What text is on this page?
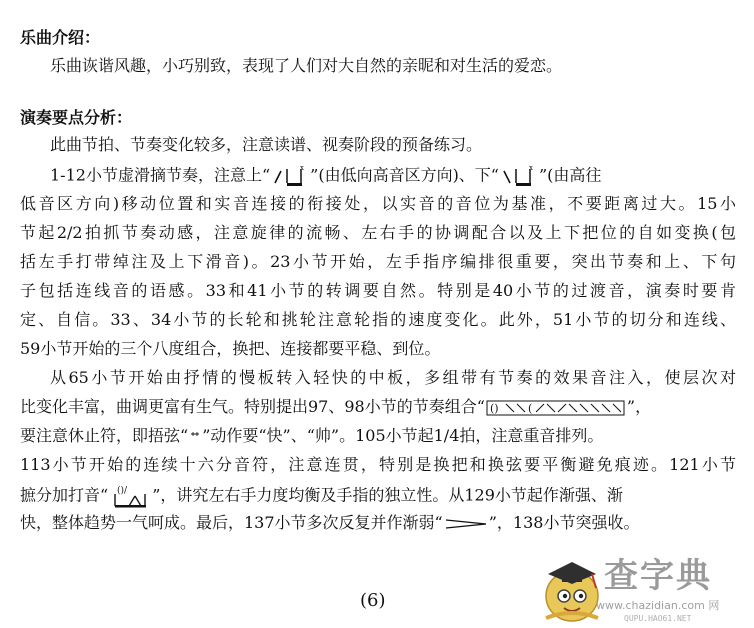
乐曲介绍：
乐曲诙谐风趣，小巧别致，表现了人们对大自然的亲昵和对生活的爱恋。
演奏要点分析：
此曲节拍、节奏变化较多，注意读谱、视奏阶段的预备练习。
1-12小节虚滑摘节奏，注意上“	x ”(由低向高音区方向)、下“	x ”(由高往
低音区方向)移动位置和实音连接的衔接处，以实音的音位为基准，不要距离过大。15小
节起2/2拍抓节奏动感，注意旋律的流畅、左右手的协调配合以及上下把位的自如变换(包
括左手打带绰注及上下滑音)。23小节开始，左手指序编排很重要，突出节奏和上、下句
子包括连线音的语感。33和41小节的转调要自然。特别是40小节的过渡音，演奏时要肯
定、自信。33、34小节的长轮和挑轮注意轮指的速度变化。此外，51小节的切分和连线、
59小节开始的三个八度组合，换把、连接都要平稳、到位。
从65小节开始由抒情的慢板转入轻快的中板，多组带有节奏的效果音注入，使层次对
比变化丰富，曲调更富有生气。特别提出97、98小节的节奏组合“ ()	(	”，
要注意休止符，即捂弦“ ”动作要“快”、“帅”。105小节起1/4拍，注意重音排列。
113小节开始的连续十六分音符，注意连贯，特别是换把和换弦要平衡避免痕迹。121小节
摭分加打音“ ()/ ”，讲究左右手力度均衡及手指的独立性。从129小节起作渐强、渐
快，整体趋势一气呵成。最后，137小节多次反复并作渐弱“	”，138小节突强收。
(6)
查字典
www.chazidian.com 网
QUPU.HAO61.NET
